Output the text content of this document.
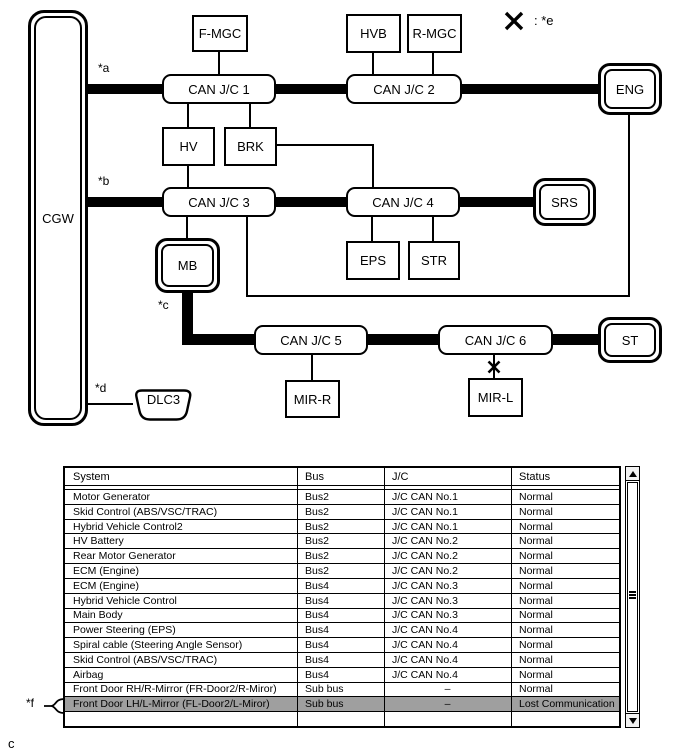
CGW
F-MGC	HVB	R-MGC
CAN J/C 1	CAN J/C 2	ENG
HV	BRK
CAN J/C 3	CAN J/C 4	SRS
MB	EPS	STR
CAN J/C 5	CAN J/C 6	ST
MIR-R	MIR-L
DLC3
: *e
*a
*b
*c
*d
*f
c
System	Bus	J/C	Status
Motor Generator	Bus2	J/C CAN No.1	Normal
Skid Control (ABS/VSC/TRAC)	Bus2	J/C CAN No.1	Normal
Hybrid Vehicle Control2	Bus2	J/C CAN No.1	Normal
HV Battery	Bus2	J/C CAN No.2	Normal
Rear Motor Generator	Bus2	J/C CAN No.2	Normal
ECM (Engine)	Bus2	J/C CAN No.2	Normal
ECM (Engine)	Bus4	J/C CAN No.3	Normal
Hybrid Vehicle Control	Bus4	J/C CAN No.3	Normal
Main Body	Bus4	J/C CAN No.3	Normal
Power Steering (EPS)	Bus4	J/C CAN No.4	Normal
Spiral cable (Steering Angle Sensor)	Bus4	J/C CAN No.4	Normal
Skid Control (ABS/VSC/TRAC)	Bus4	J/C CAN No.4	Normal
Airbag	Bus4	J/C CAN No.4	Normal
Front Door RH/R-Mirror (FR-Door2/R-Miror)	Sub bus	–	Normal
Front Door LH/L-Mirror (FL-Door2/L-Miror)	Sub bus	–	Lost Communication
